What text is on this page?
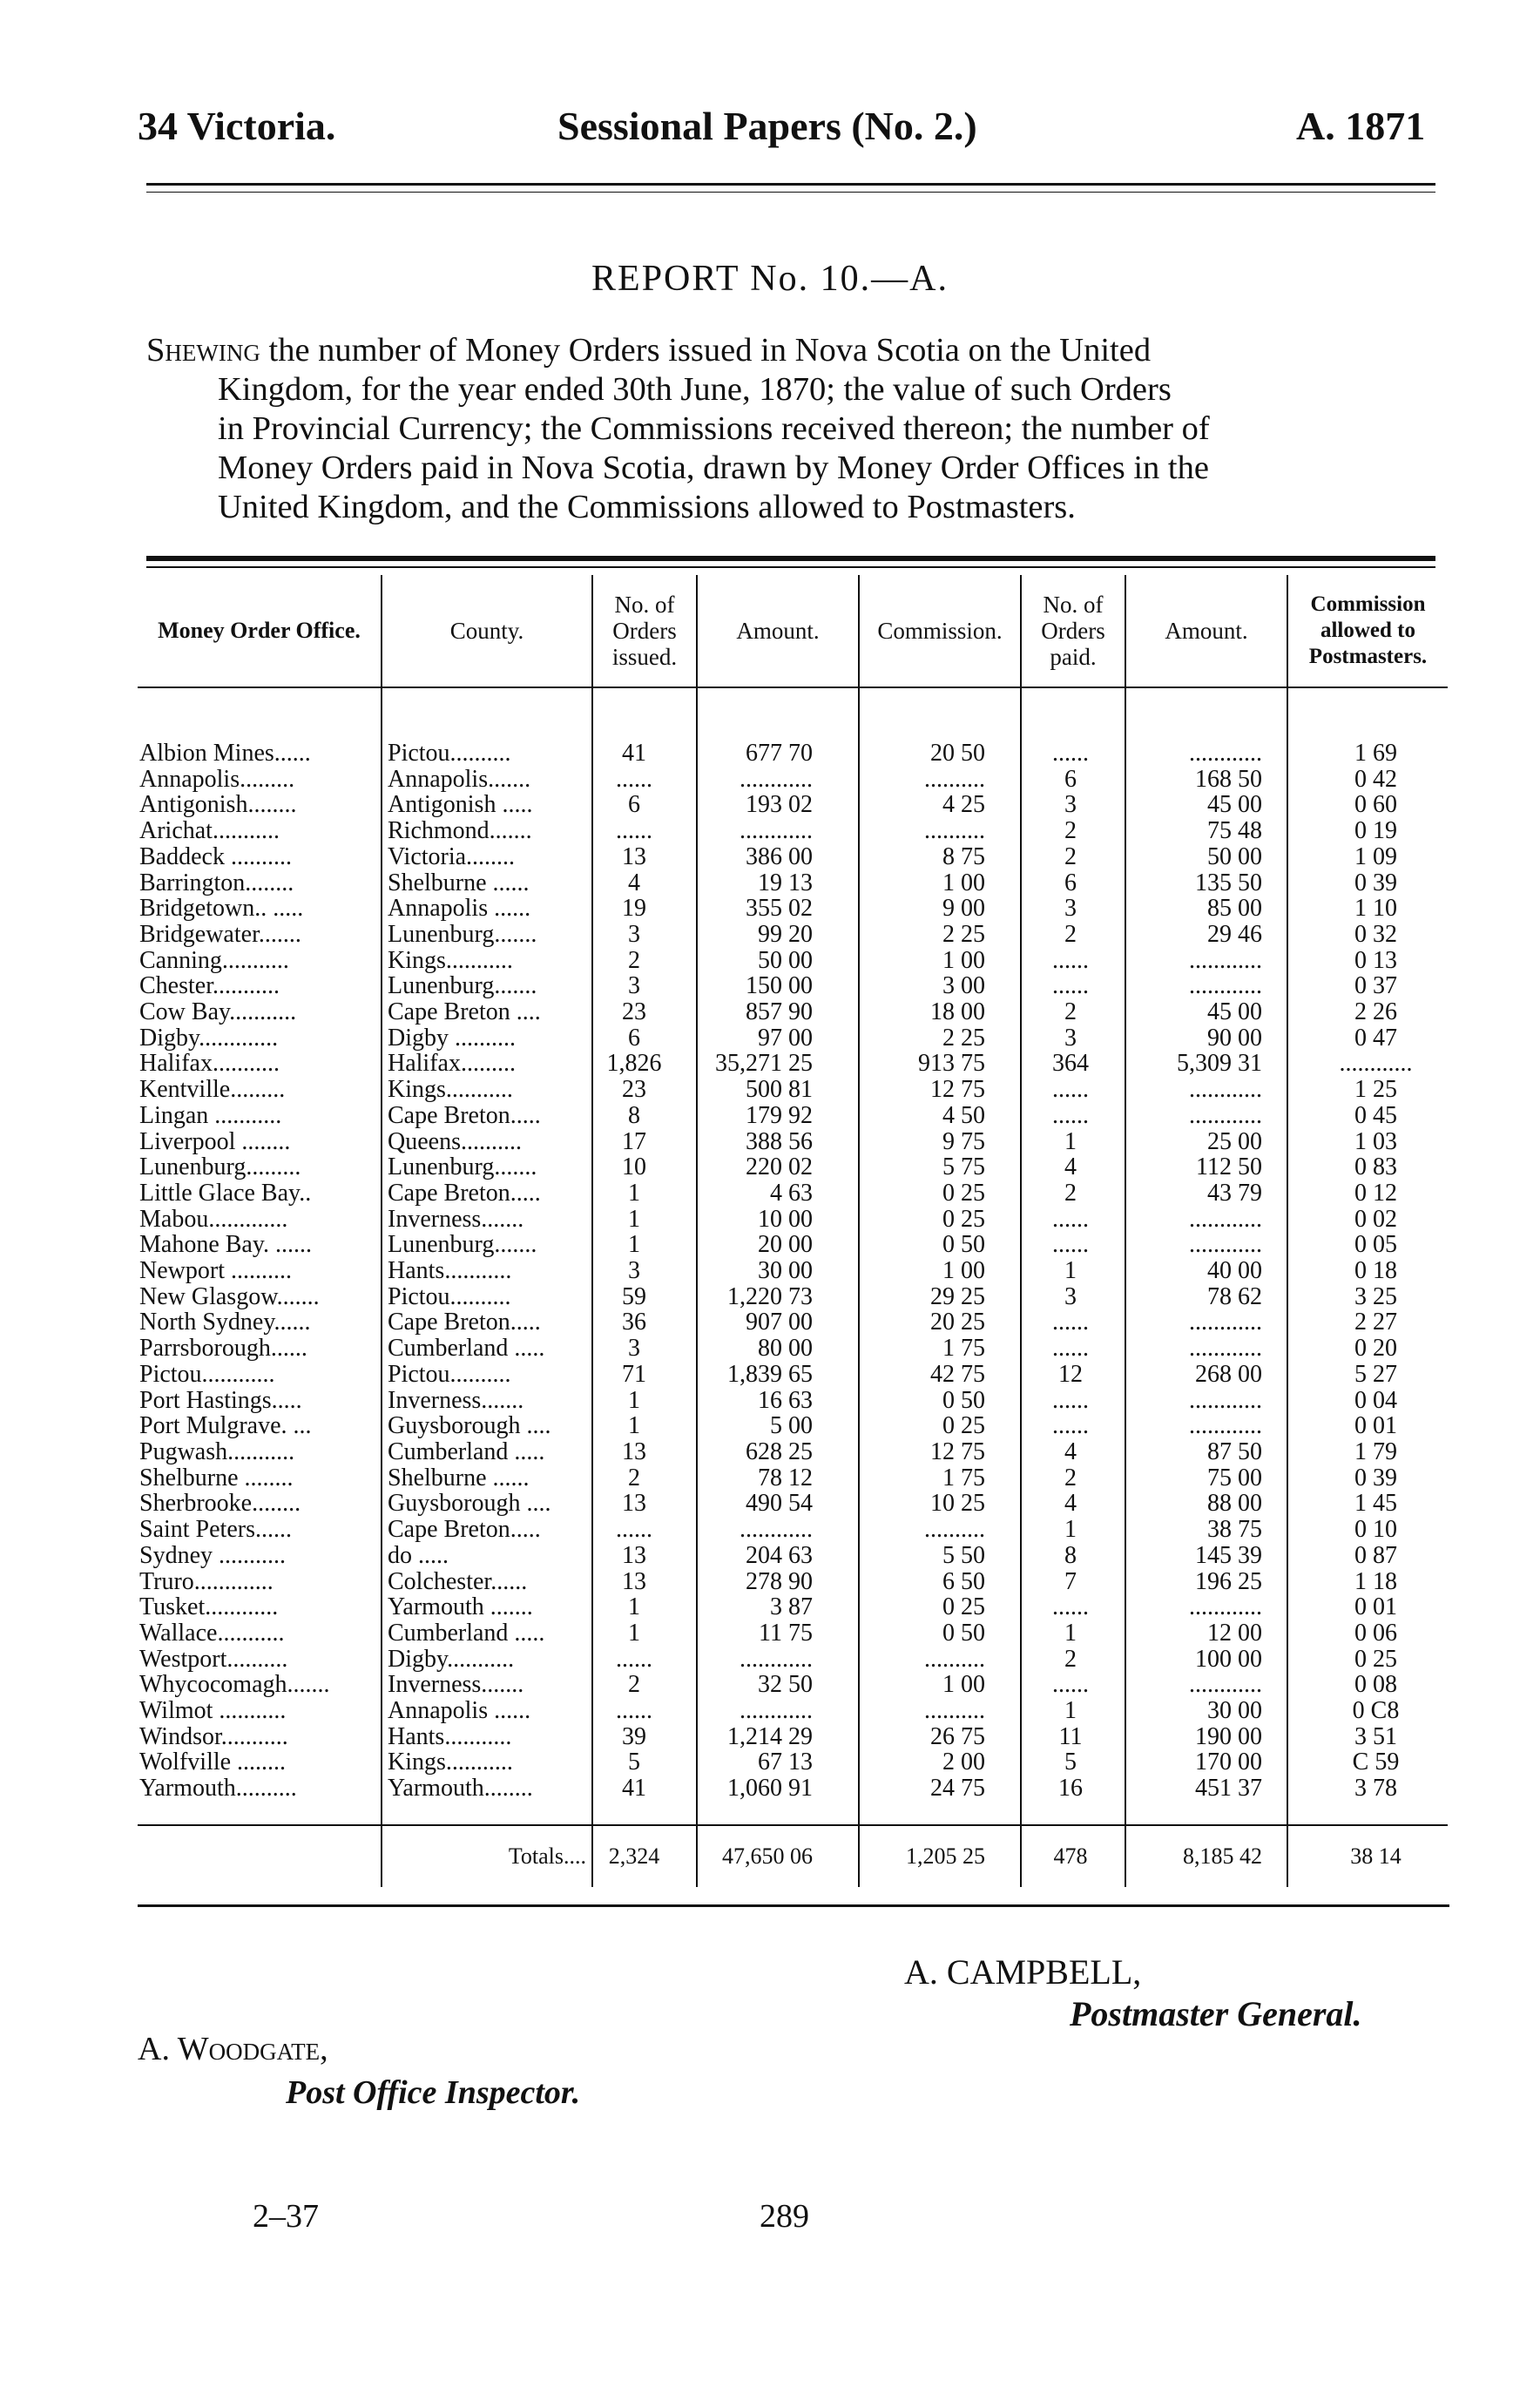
34 Victoria.	Sessional Papers (No. 2.)	A. 1871
REPORT No. 10.—A.

Shewing the number of Money Orders issued in Nova Scotia on the United

Kingdom, for the year ended 30th June, 1870; the value of such Orders

in Provincial Currency; the Commissions received thereon; the number of

Money Orders paid in Nova Scotia, drawn by Money Order Offices in the

United Kingdom, and the Commissions allowed to Postmasters.

Money Order Office.	County.	No. of Orders issued.	Amount.	Commission.	No. of Orders paid.	Amount.	Commission allowed to Postmasters.
Albion Mines......	Pictou..........	41	677 70	20 50	......	............	1 69
Annapolis.........	Annapolis.......	......	............	..........	6	168 50	0 42
Antigonish........	Antigonish .....	6	193 02	4 25	3	45 00	0 60
Arichat...........	Richmond.......	......	............	..........	2	75 48	0 19
Baddeck ..........	Victoria........	13	386 00	8 75	2	50 00	1 09
Barrington........	Shelburne ......	4	19 13	1 00	6	135 50	0 39
Bridgetown.. .....	Annapolis ......	19	355 02	9 00	3	85 00	1 10
Bridgewater.......	Lunenburg.......	3	99 20	2 25	2	29 46	0 32
Canning...........	Kings...........	2	50 00	1 00	......	............	0 13
Chester...........	Lunenburg.......	3	150 00	3 00	......	............	0 37
Cow Bay...........	Cape Breton ....	23	857 90	18 00	2	45 00	2 26
Digby.............	Digby ..........	6	97 00	2 25	3	90 00	0 47
Halifax...........	Halifax.........	1,826	35,271 25	913 75	364	5,309 31	............
Kentville.........	Kings...........	23	500 81	12 75	......	............	1 25
Lingan ...........	Cape Breton.....	8	179 92	4 50	......	............	0 45
Liverpool ........	Queens..........	17	388 56	9 75	1	25 00	1 03
Lunenburg.........	Lunenburg.......	10	220 02	5 75	4	112 50	0 83
Little Glace Bay..	Cape Breton.....	1	4 63	0 25	2	43 79	0 12
Mabou.............	Inverness.......	1	10 00	0 25	......	............	0 02
Mahone Bay. ......	Lunenburg.......	1	20 00	0 50	......	............	0 05
Newport ..........	Hants...........	3	30 00	1 00	1	40 00	0 18
New Glasgow.......	Pictou..........	59	1,220 73	29 25	3	78 62	3 25
North Sydney......	Cape Breton.....	36	907 00	20 25	......	............	2 27
Parrsborough......	Cumberland .....	3	80 00	1 75	......	............	0 20
Pictou............	Pictou..........	71	1,839 65	42 75	12	268 00	5 27
Port Hastings.....	Inverness.......	1	16 63	0 50	......	............	0 04
Port Mulgrave. ...	Guysborough ....	1	5 00	0 25	......	............	0 01
Pugwash...........	Cumberland .....	13	628 25	12 75	4	87 50	1 79
Shelburne ........	Shelburne ......	2	78 12	1 75	2	75 00	0 39
Sherbrooke........	Guysborough ....	13	490 54	10 25	4	88 00	1 45
Saint Peters......	Cape Breton.....	......	............	..........	1	38 75	0 10
Sydney ...........	do .....	13	204 63	5 50	8	145 39	0 87
Truro.............	Colchester......	13	278 90	6 50	7	196 25	1 18
Tusket............	Yarmouth .......	1	3 87	0 25	......	............	0 01
Wallace...........	Cumberland .....	1	11 75	0 50	1	12 00	0 06
Westport..........	Digby...........	......	............	..........	2	100 00	0 25
Whycocomagh.......	Inverness.......	2	32 50	1 00	......	............	0 08
Wilmot ...........	Annapolis ......	......	............	..........	1	30 00	0 C8
Windsor...........	Hants...........	39	1,214 29	26 75	11	190 00	3 51
Wolfville ........	Kings...........	5	67 13	2 00	5	170 00	C 59
Yarmouth..........	Yarmouth........	41	1,060 91	24 75	16	451 37	3 78

	Totals....	2,324	47,650 06	1,205 25	478	8,185 42	38 14
A. CAMPBELL,
Postmaster General.
A. Woodgate,
Post Office Inspector.
2–37	289
